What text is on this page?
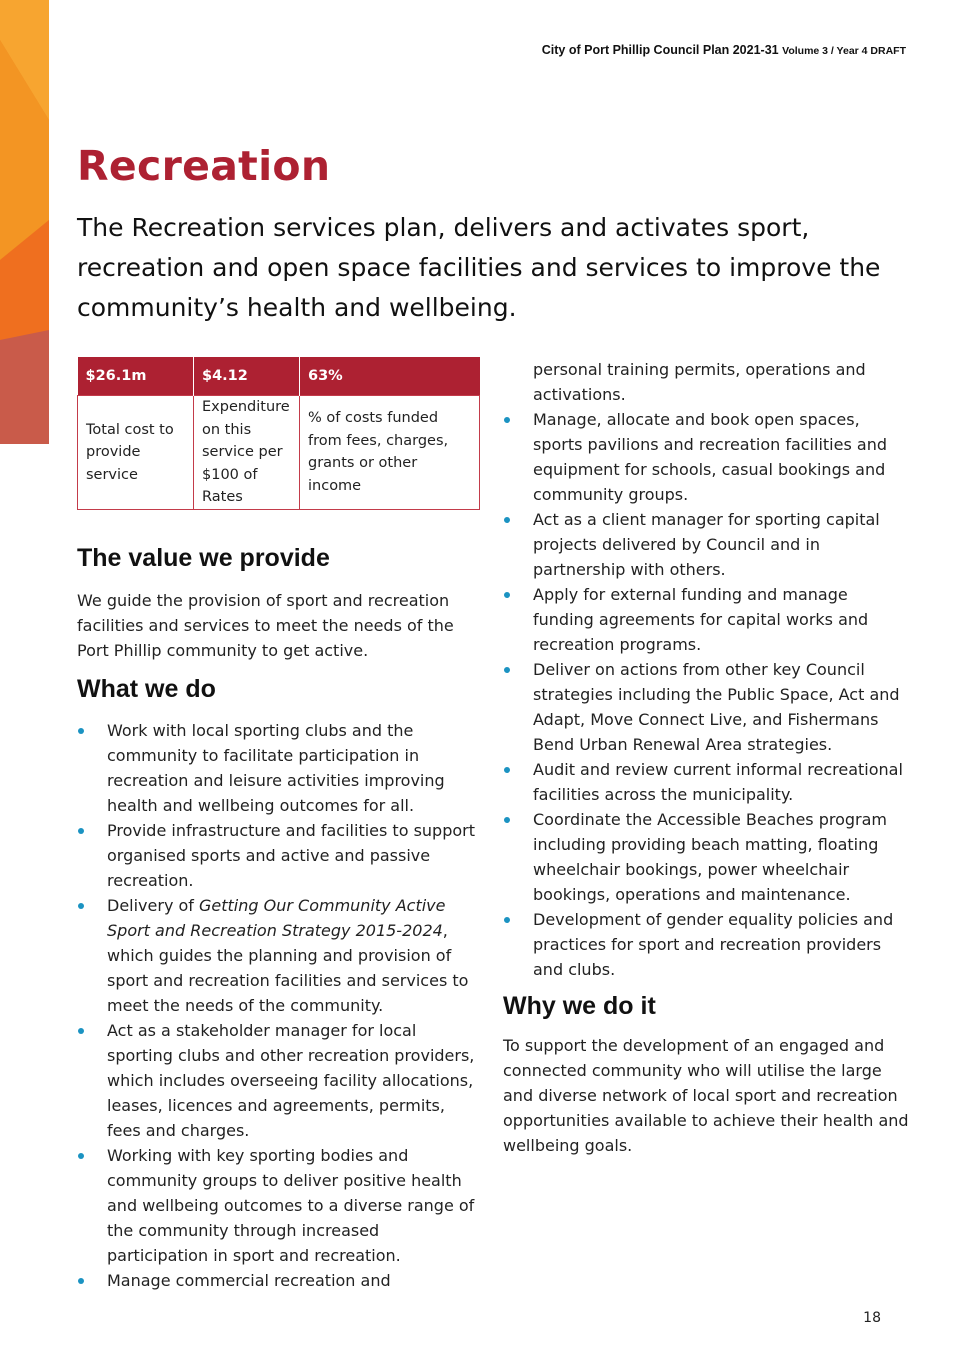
City of Port Phillip Council Plan 2021-31 Volume 3 / Year 4 DRAFT
Recreation

The Recreation services plan, delivers and activates sport, recreation and open space facilities and services to improve the community’s health and wellbeing.

$26.1m	$4.12	63%
Total cost to provide service	Expenditure on this service per $100 of Rates	% of costs funded from fees, charges, grants or other income
The value we provide

We guide the provision of sport and recreation facilities and services to meet the needs of the Port Phillip community to get active.

What we do
Work with local sporting clubs and the community to facilitate participation in recreation and leisure activities improving health and wellbeing outcomes for all.
Provide infrastructure and facilities to support organised sports and active and passive recreation.
Delivery of Getting Our Community Active Sport and Recreation Strategy 2015-2024, which guides the planning and provision of sport and recreation facilities and services to meet the needs of the community.
Act as a stakeholder manager for local sporting clubs and other recreation providers, which includes overseeing facility allocations, leases, licences and agreements, permits, fees and charges.
Working with key sporting bodies and community groups to deliver positive health and wellbeing outcomes to a diverse range of the community through increased participation in sport and recreation.
Manage commercial recreation and
personal training permits, operations and activations.
Manage, allocate and book open spaces, sports pavilions and recreation facilities and equipment for schools, casual bookings and community groups.
Act as a client manager for sporting capital projects delivered by Council and in partnership with others.
Apply for external funding and manage funding agreements for capital works and recreation programs.
Deliver on actions from other key Council strategies including the Public Space, Act and Adapt, Move Connect Live, and Fishermans Bend Urban Renewal Area strategies.
Audit and review current informal recreational facilities across the municipality.
Coordinate the Accessible Beaches program including providing beach matting, floating wheelchair bookings, power wheelchair bookings, operations and maintenance.
Development of gender equality policies and practices for sport and recreation providers and clubs.
Why we do it

To support the development of an engaged and connected community who will utilise the large and diverse network of local sport and recreation opportunities available to achieve their health and wellbeing goals.

18
